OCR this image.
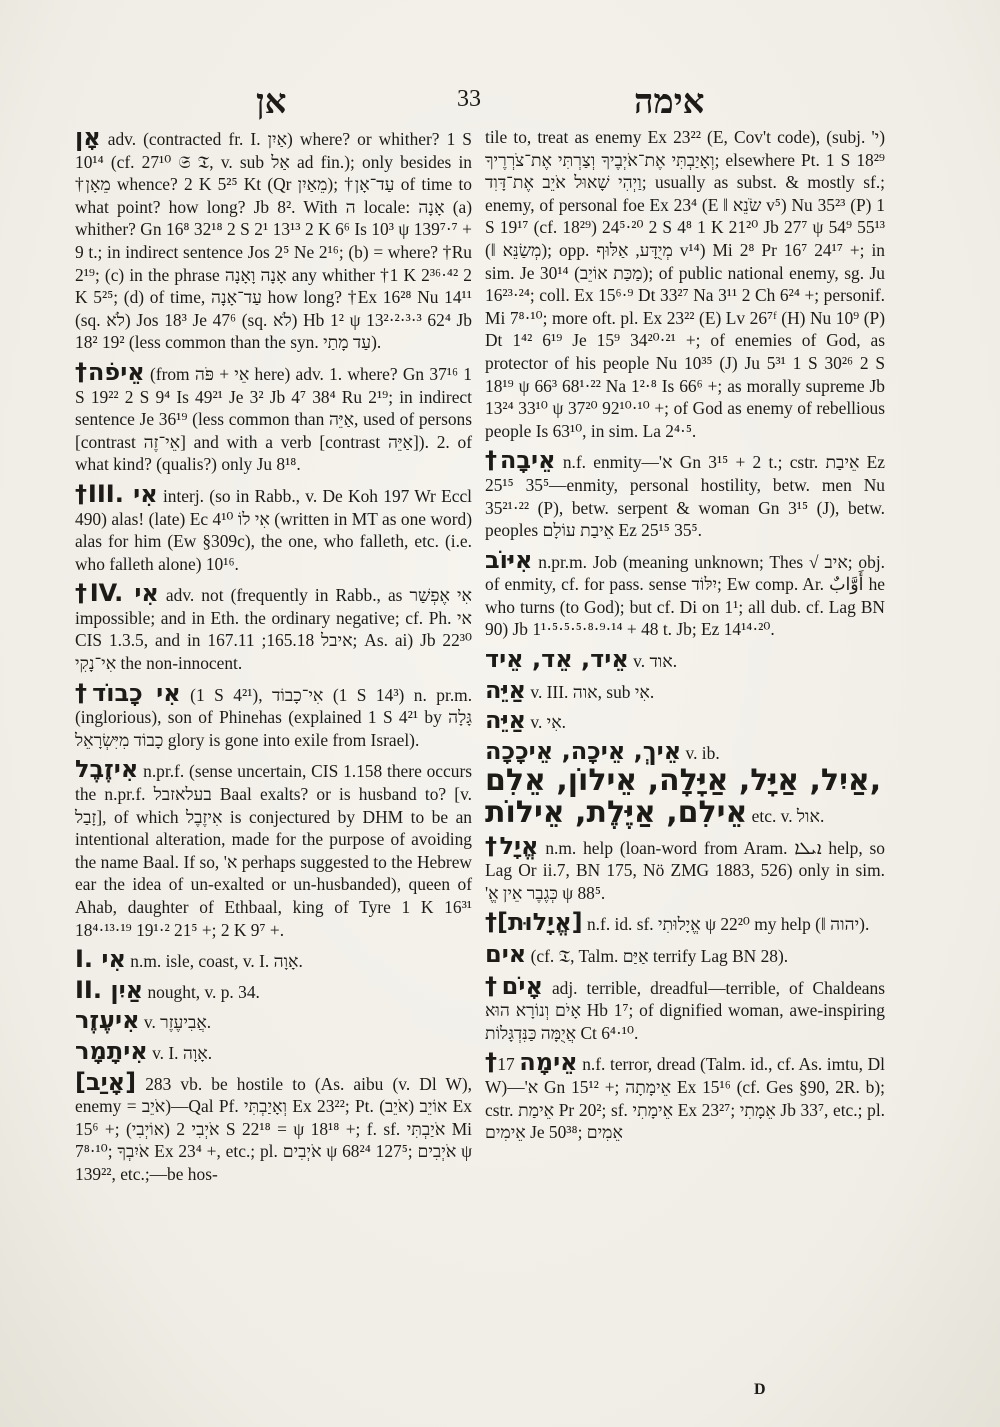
אן	33	אימה

אָן adv. (contracted fr. I. אַיִן) where? or whither? 1 S 10¹⁴ (cf. 27¹⁰ 𝔖 𝔗, v. sub אַל ad fin.); only besides in †מֵאָן whence? 2 K 5²⁵ Kt (Qr מֵאַיִן); †עַד־אָן of time to what point? how long? Jb 8². With ה locale: אָנָה (a) whither? Gn 16⁸ 32¹⁸ 2 S 2¹ 13¹³ 2 K 6⁶ Is 10³ ψ 139⁷·⁷ + 9 t.; in indirect sentence Jos 2⁵ Ne 2¹⁶; (b) = where? †Ru 2¹⁹; (c) in the phrase אָנָה וָאָנָה any whither †1 K 2³⁶·⁴² 2 K 5²⁵; (d) of time, עַד־אָנָה how long? †Ex 16²⁸ Nu 14¹¹ (sq. לֹא) Jos 18³ Je 47⁶ (sq. לֹא) Hb 1² ψ 13²·²·³·³ 62⁴ Jb 18² 19² (less common than the syn. עַד מָתַי).

†אֵיפֹה (from אֵי + פֹּה here) adv. 1. where? Gn 37¹⁶ 1 S 19²² 2 S 9⁴ Is 49²¹ Je 3² Jb 4⁷ 38⁴ Ru 2¹⁹; in indirect sentence Je 36¹⁹ (less common than אַיֵּה, used of persons [contrast אֵי־זֶה] and with a verb [contrast אַיֵּה]). 2. of what kind? (qualis?) only Ju 8¹⁸.

†III. אִי interj. (so in Rabb., v. De Koh 197 Wr Eccl 490) alas! (late) Ec 4¹⁰ אִי לוֹ (written in MT as one word) alas for him (Ew §309c), the one, who falleth, etc. (i.e. who falleth alone) 10¹⁶.

†IV. אִי adv. not (frequently in Rabb., as אִי אֶפְשַׁר impossible; and in Eth. the ordinary negative; cf. Ph. אי CIS 1.3.5, and in איבל 165.18; 167.11; As. ai) Jb 22³⁰ אִי־נָקִי the non-innocent.

†אִי כָבוֹד (1 S 4²¹), אִי־כָבוֹד (1 S 14³) n. pr.m. (inglorious), son of Phinehas (explained 1 S 4²¹ by גָּלָה כָבוֹד מִיִּשְׂרָאֵל glory is gone into exile from Israel).

אִיזֶבֶל n.pr.f. (sense uncertain, CIS 1.158 there occurs the n.pr.f. בעלאזבל Baal exalts? or is husband to? [v. זָבַל], of which אִיזֶבֶל is conjectured by DHM to be an intentional alteration, made for the purpose of avoiding the name Baal. If so, 'א perhaps suggested to the Hebrew ear the idea of un-exalted or un-husbanded), queen of Ahab, daughter of Ethbaal, king of Tyre 1 K 16³¹ 18⁴·¹³·¹⁹ 19¹·² 21⁵ +; 2 K 9⁷ +.

I. אִי n.m. isle, coast, v. I. אָוָה.

II. אַיִן nought, v. p. 34.

אִיעֶזֶר v. אֲבִיעֶזֶר.

אִיתָמָר v. I. אָוָה.

[אָיַב] 283 vb. be hostile to (As. aibu (v. Dl W), enemy = אֹיֵב)—Qal Pf. וְאָיַבְתִּי Ex 23²²; Pt. אוֹיֵב (אֹיֵב) Ex 15⁶ +; (אוֹיְבִי) אֹיְבִי 2 S 22¹⁸ = ψ 18¹⁸ +; f. sf. אֹיַבְתִּי Mi 7⁸·¹⁰; אֹיִבְךָ Ex 23⁴ +, etc.; pl. אֹיְבִים ψ 68²⁴ 127⁵; אֹיְבִים ψ 139²², etc.;—be hos-

tile to, treat as enemy Ex 23²² (E, Cov't code), (subj. 'י) וְאָיַבְתִּי אֶת־אֹיְבֶיךָ וְצַרְתִּי אֶת־צֹרְרֶיךָ; elsewhere Pt. 1 S 18²⁹ וַיְהִי שָׁאוּל אֹיֵב אֶת־דָּוִד; usually as subst. & mostly sf.; enemy, of personal foe Ex 23⁴ (E ‖ שֹׂנֵא v⁵) Nu 35²³ (P) 1 S 19¹⁷ (cf. 18²⁹) 24⁵·²⁰ 2 S 4⁸ 1 K 21²⁰ Jb 27⁷ ψ 54⁹ 55¹³ (‖ מְשַׂנֵּא); opp. מְיֻדָּע, אַלּוּף v¹⁴) Mi 2⁸ Pr 16⁷ 24¹⁷ +; in sim. Je 30¹⁴ (מַכַּת אוֹיֵב); of public national enemy, sg. Ju 16²³·²⁴; coll. Ex 15⁶·⁹ Dt 33²⁷ Na 3¹¹ 2 Ch 6²⁴ +; personif. Mi 7⁸·¹⁰; more oft. pl. Ex 23²² (E) Lv 26⁷ᶠ (H) Nu 10⁹ (P) Dt 1⁴² 6¹⁹ Je 15⁹ 34²⁰·²¹ +; of enemies of God, as protector of his people Nu 10³⁵ (J) Ju 5³¹ 1 S 30²⁶ 2 S 18¹⁹ ψ 66³ 68¹·²² Na 1²·⁸ Is 66⁶ +; as morally supreme Jb 13²⁴ 33¹⁰ ψ 37²⁰ 92¹⁰·¹⁰ +; of God as enemy of rebellious people Is 63¹⁰, in sim. La 2⁴·⁵.

†אֵיבָה n.f. enmity—'א Gn 3¹⁵ + 2 t.; cstr. אֵיבַת Ez 25¹⁵ 35⁵—enmity, personal hostility, betw. men Nu 35²¹·²² (P), betw. serpent & woman Gn 3¹⁵ (J), betw. peoples אֵיבַת עוֹלָם Ez 25¹⁵ 35⁵.

אִיּוֹב n.pr.m. Job (meaning unknown; Thes √ איב; obj. of enmity, cf. for pass. sense יִלּוֹד; Ew comp. Ar. أَوَّابٌ he who turns (to God); but cf. Di on 1¹; all dub. cf. Lag BN 90) Jb 1¹·⁵·⁵·⁵·⁸·⁹·¹⁴ + 48 t. Jb; Ez 14¹⁴·²⁰.

אֵיד, אֵד, אֵיד v. אוד.

אַיֵּה v. III. אוה, sub אִי.

אַיֵּה v. אִי.

אֵיךְ, אֵיכָה, אֵיכָכָה v. ib.

אַיִל, אַיָּל, אַיָּלָה, אֵילוֹן, אֵלִם,

אֵילִם, אַיֶּלֶת, אֵילוֹת etc. v. אול.

†אֱיָל n.m. help (loan-word from Aram. ܐܝܠܐ help, so Lag Or ii.7, BN 175, Nö ZMG 1883, 526) only in sim. 'כְּגֶבֶר אֵין אֱ ψ 88⁵.

†[אֱיָלוּת] n.f. id. sf. אֱיָלוּתִי ψ 22²⁰ my help (‖ יהוה).

אים (cf. 𝔗, Talm. אַיַּם terrify Lag BN 28).

†אָיֹם adj. terrible, dreadful—terrible, of Chaldeans אָיֹם וְנוֹרָא הוּא Hb 1⁷; of dignified woman, awe-inspiring אֲיֻמָּה כַּנִּדְגָּלוֹת Ct 6⁴·¹⁰.

†אֵימָה 17 n.f. terror, dread (Talm. id., cf. As. imtu, Dl W)—'א Gn 15¹² +; אֵימָתָה Ex 15¹⁶ (cf. Ges §90, 2R. b); cstr. אֵימַת Pr 20²; sf. אֵימָתִי Ex 23²⁷; אֵמָתִי Jb 33⁷, etc.; pl. אֵימִים Je 50³⁸; אֵמִים

D
